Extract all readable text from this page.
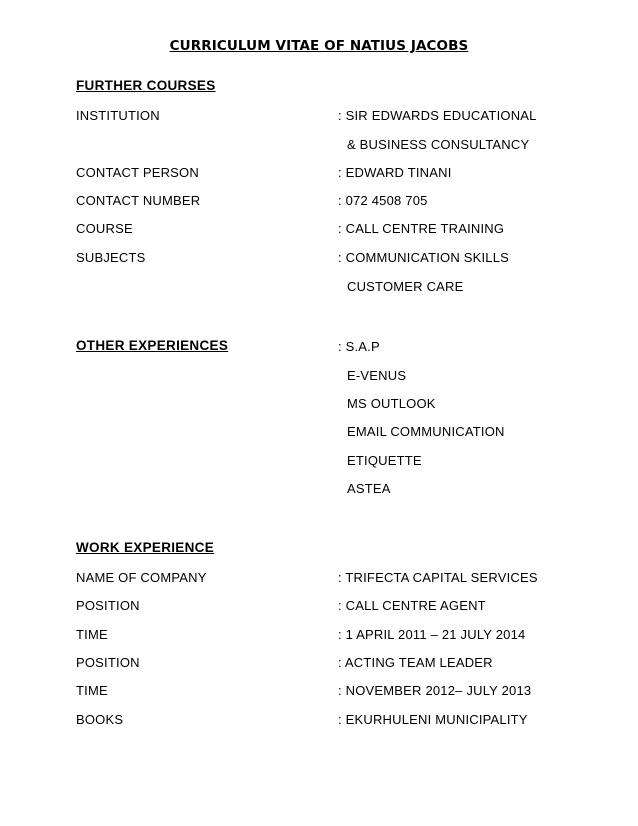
CURRICULUM VITAE OF NATIUS JACOBS
FURTHER COURSES
INSTITUTION	: SIR EDWARDS EDUCATIONAL
& BUSINESS CONSULTANCY
CONTACT PERSON	: EDWARD TINANI
CONTACT NUMBER	: 072 4508 705
COURSE	: CALL CENTRE TRAINING
SUBJECTS	: COMMUNICATION SKILLS
CUSTOMER CARE
OTHER EXPERIENCES	: S.A.P
E-VENUS
MS OUTLOOK
EMAIL COMMUNICATION
ETIQUETTE
ASTEA
WORK EXPERIENCE
NAME OF COMPANY	: TRIFECTA CAPITAL SERVICES
POSITION	: CALL CENTRE AGENT
TIME	: 1 APRIL 2011 – 21 JULY 2014
POSITION	: ACTING TEAM LEADER
TIME	: NOVEMBER 2012– JULY 2013
BOOKS	: EKURHULENI MUNICIPALITY
